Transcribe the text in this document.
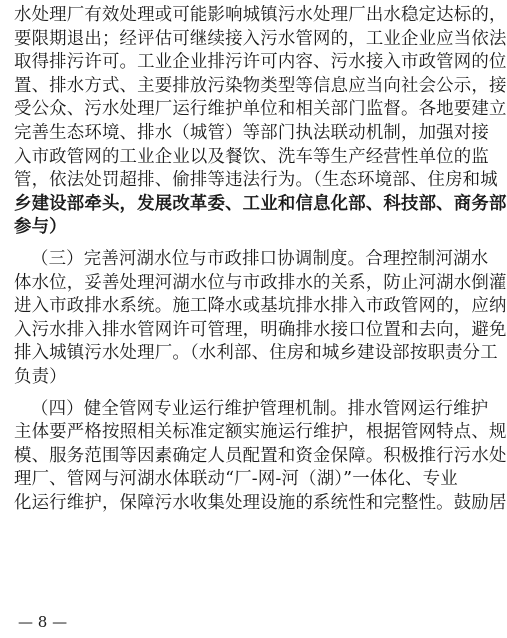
水处理厂有效处理或可能影响城镇污水处理厂出水稳定达标的，
要限期退出；经评估可继续接入污水管网的，工业企业应当依法
取得排污许可。工业企业排污许可内容、污水接入市政管网的位
置、排水方式、主要排放污染物类型等信息应当向社会公示，接
受公众、污水处理厂运行维护单位和相关部门监督。各地要建立
完善生态环境、排水（城管）等部门执法联动机制，加强对接
入市政管网的工业企业以及餐饮、洗车等生产经营性单位的监
管，依法处罚超排、偷排等违法行为。（生态环境部、住房和城
乡建设部牵头，发展改革委、工业和信息化部、科技部、商务部
参与）
（三）完善河湖水位与市政排口协调制度。合理控制河湖水
体水位，妥善处理河湖水位与市政排水的关系，防止河湖水倒灌
进入市政排水系统。施工降水或基坑排水排入市政管网的，应纳
入污水排入排水管网许可管理，明确排水接口位置和去向，避免
排入城镇污水处理厂。（水利部、住房和城乡建设部按职责分工
负责）
（四）健全管网专业运行维护管理机制。排水管网运行维护
主体要严格按照相关标准定额实施运行维护，根据管网特点、规
模、服务范围等因素确定人员配置和资金保障。积极推行污水处
理厂、管网与河湖水体联动“厂-网-河（湖）”一体化、专业
化运行维护，保障污水收集处理设施的系统性和完整性。鼓励居
— 8 —
